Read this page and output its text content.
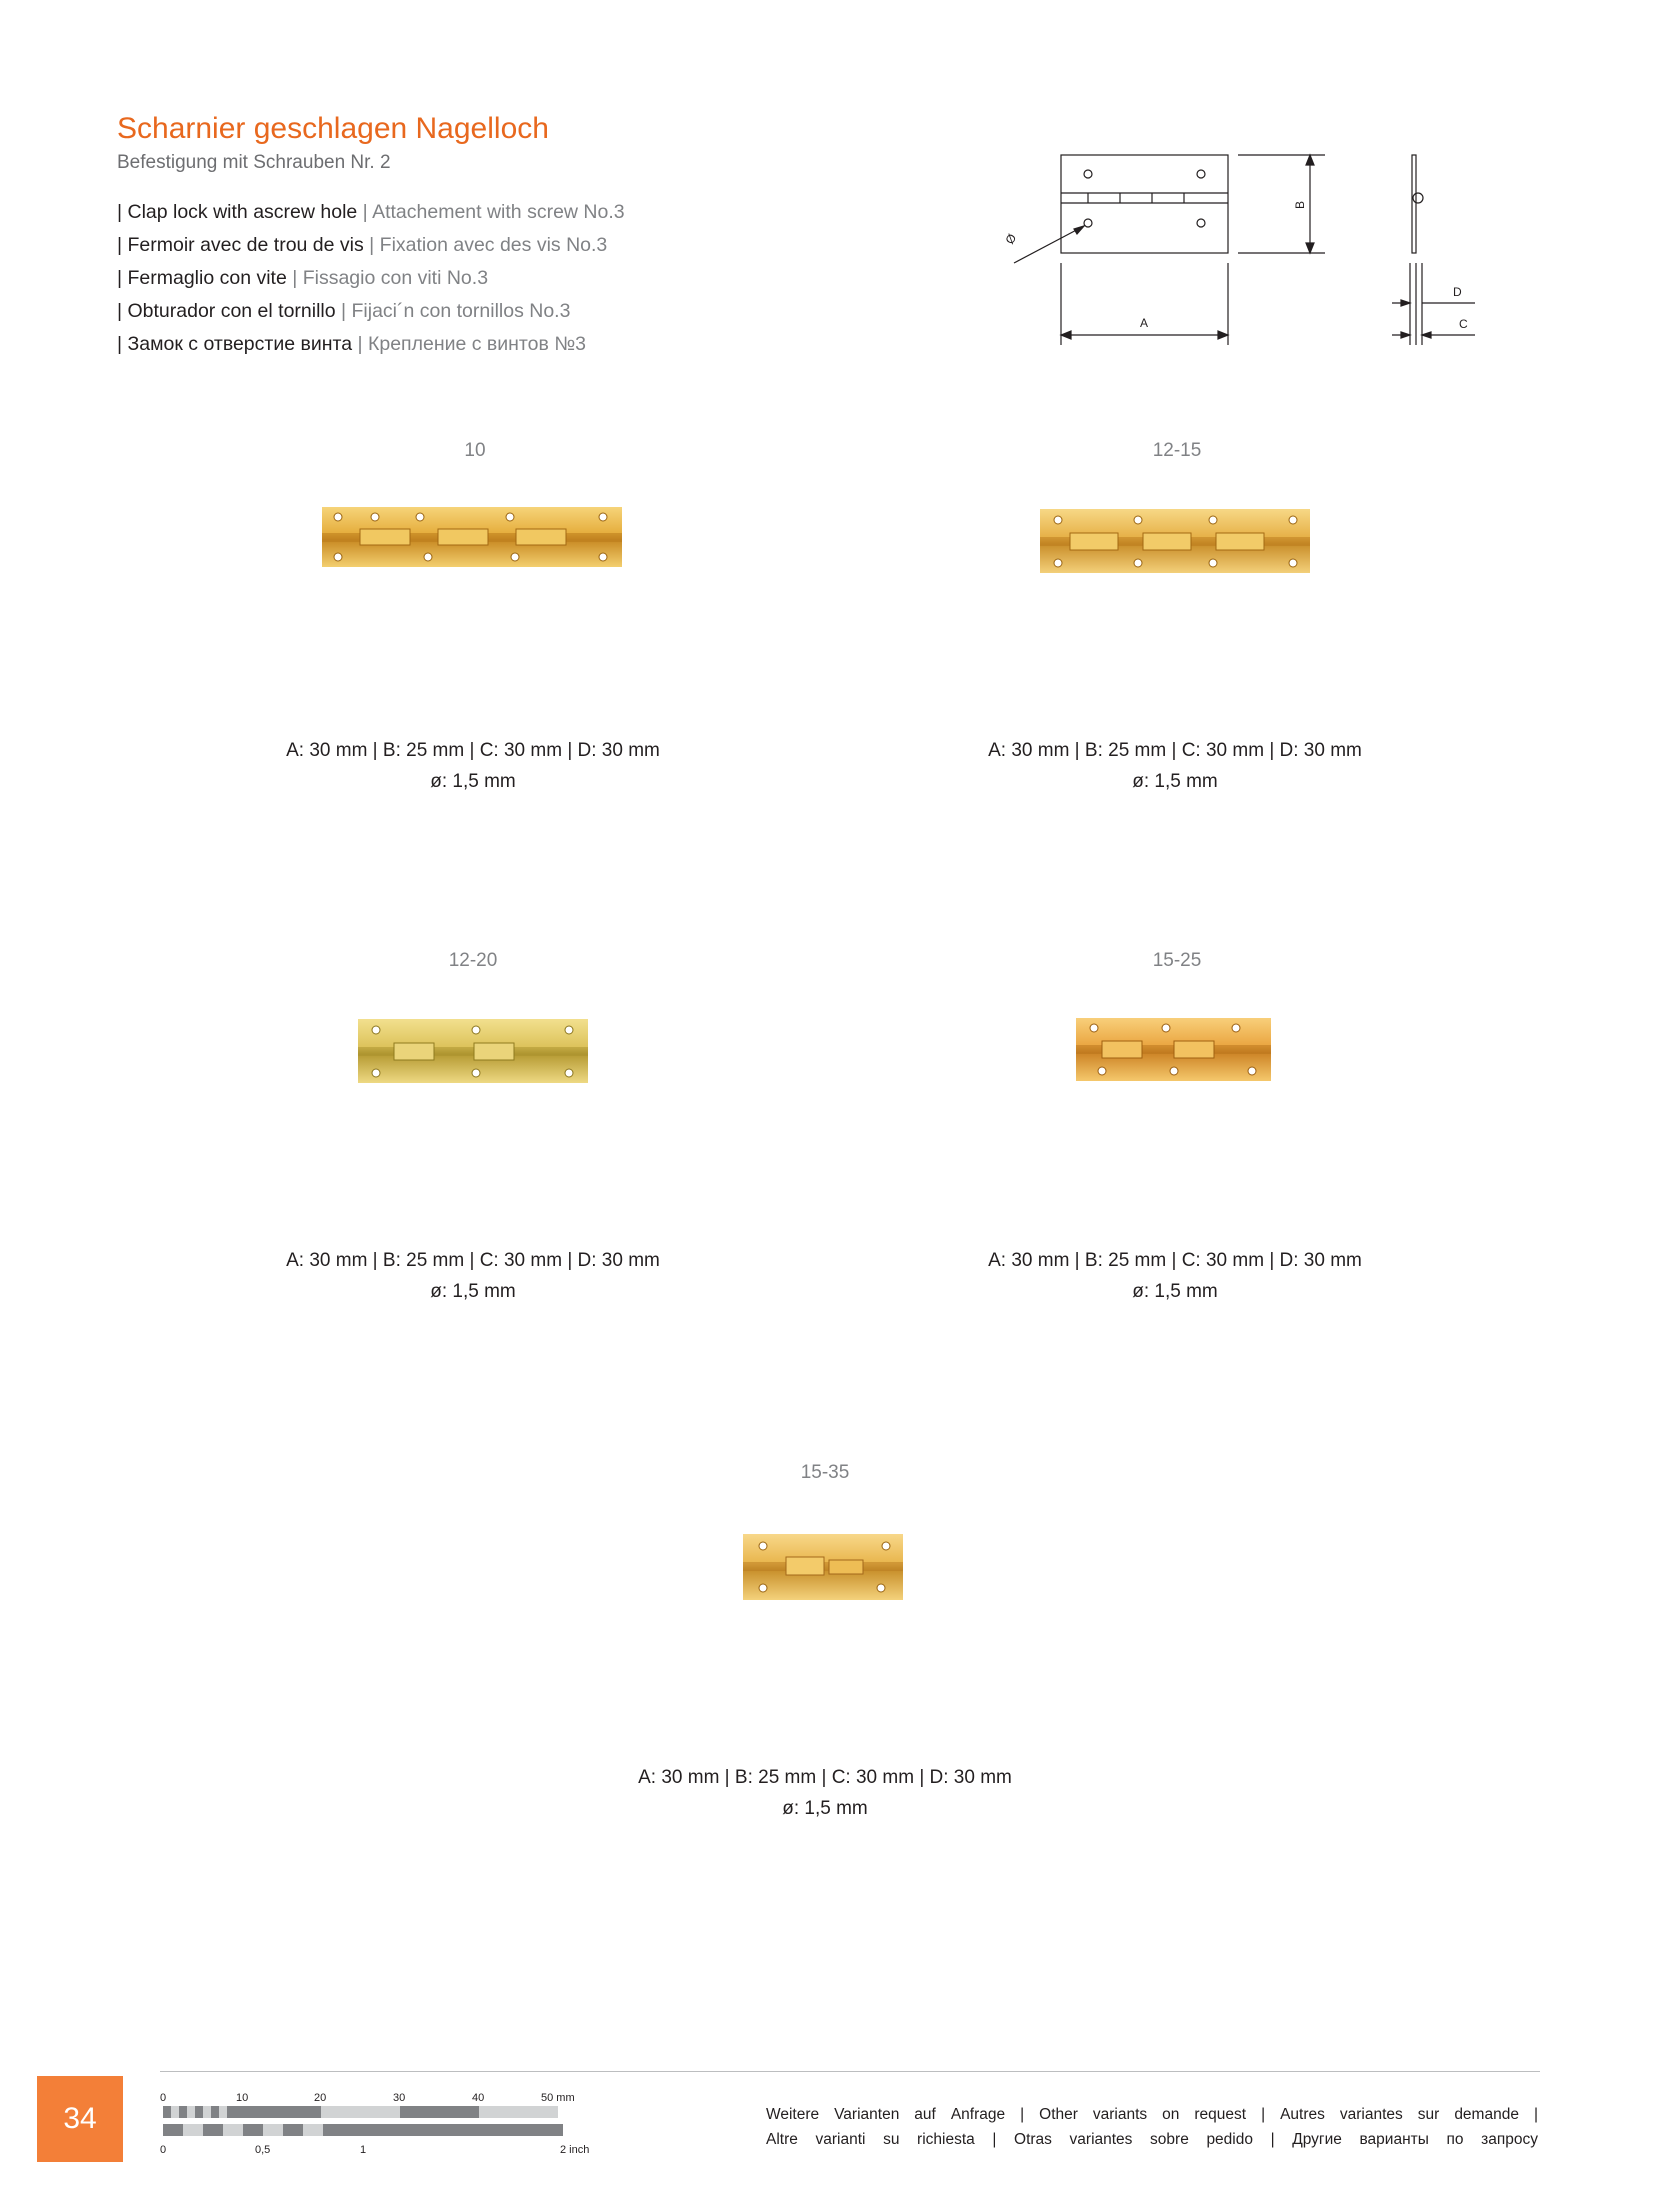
Scharnier geschlagen Nagelloch
Befestigung mit Schrauben Nr. 2
| Clap lock with ascrew hole | Attachement with screw No.3
| Fermoir avec de trou de vis | Fixation avec des vis No.3
| Fermaglio con vite | Fissagio con viti No.3
| Obturador con el tornillo | Fijaci´n con tornillos No.3
| Замок с отверстие винта | Крепление с винтов №3
A
B
C
D
Ø
10
A: 30 mm | B: 25 mm | C: 30 mm | D: 30 mm
ø: 1,5 mm
12-15
A: 30 mm | B: 25 mm | C: 30 mm | D: 30 mm
ø: 1,5 mm
12-20
A: 30 mm | B: 25 mm | C: 30 mm | D: 30 mm
ø: 1,5 mm
15-25
A: 30 mm | B: 25 mm | C: 30 mm | D: 30 mm
ø: 1,5 mm
15-35
A: 30 mm | B: 25 mm | C: 30 mm | D: 30 mm
ø: 1,5 mm
34
0	10	20	30	40	50 mm
0	0,5	1	2 inch
Weitere Varianten auf Anfrage | Other variants on request | Autres variantes sur demande |
Altre varianti su richiesta | Otras variantes sobre pedido | Другие варианты по запросу
